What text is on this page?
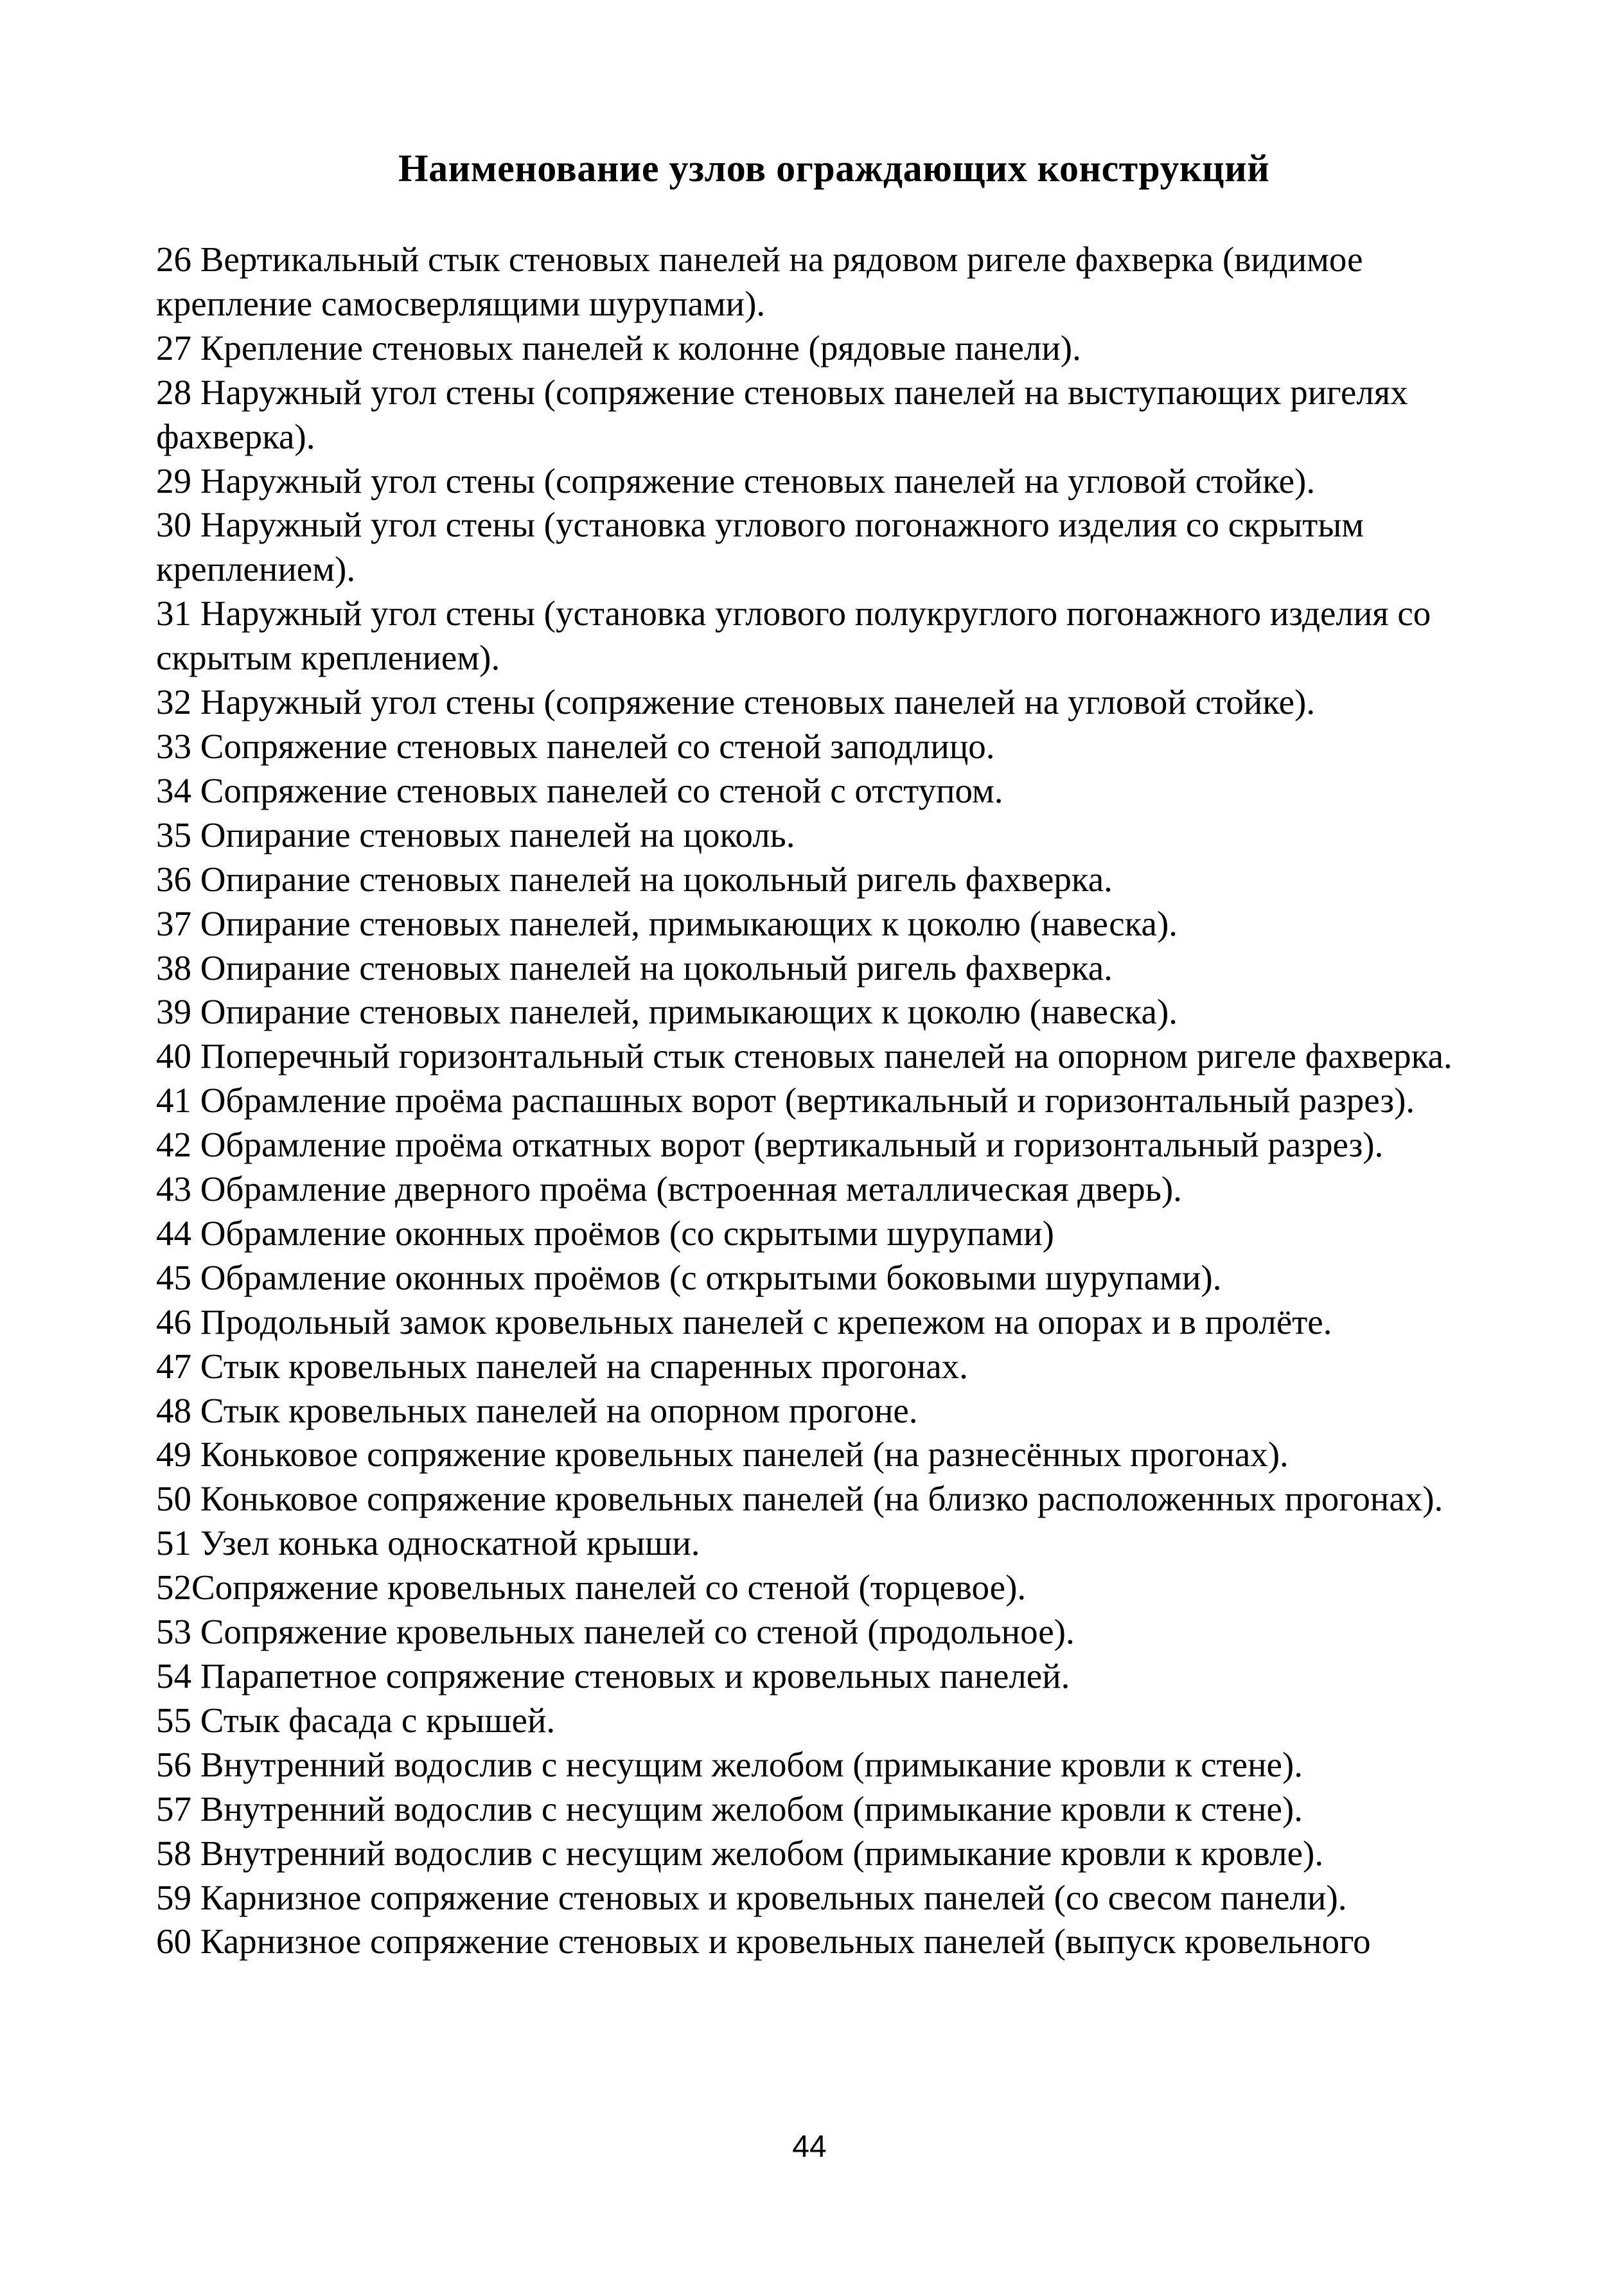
Наименование узлов ограждающих конструкций

26 Вертикальный стык стеновых панелей на рядовом ригеле фахверка (видимое крепление самосверлящими шурупами).

27 Крепление стеновых панелей к колонне (рядовые панели).

28 Наружный угол стены (сопряжение стеновых панелей на выступающих ригелях фахверка).

29 Наружный угол стены (сопряжение стеновых панелей на угловой стойке).

30 Наружный угол стены (установка углового погонажного изделия со скрытым креплением).

31 Наружный угол стены (установка углового полукруглого погонажного изделия со скрытым креплением).

32 Наружный угол стены (сопряжение стеновых панелей на угловой стойке).

33 Сопряжение стеновых панелей со стеной заподлицо.

34 Сопряжение стеновых панелей со стеной с отступом.

35 Опирание стеновых панелей на цоколь.

36 Опирание стеновых панелей на цокольный ригель фахверка.

37 Опирание стеновых панелей, примыкающих к цоколю (навеска).

38 Опирание стеновых панелей на цокольный ригель фахверка.

39 Опирание стеновых панелей, примыкающих к цоколю (навеска).

40 Поперечный горизонтальный стык стеновых панелей на опорном ригеле фахверка.

41 Обрамление проёма распашных ворот (вертикальный и горизонтальный разрез).

42 Обрамление проёма откатных ворот (вертикальный и горизонтальный разрез).

43 Обрамление дверного проёма (встроенная металлическая дверь).

44 Обрамление оконных проёмов (со скрытыми шурупами)

45 Обрамление оконных проёмов (с открытыми боковыми шурупами).

46 Продольный замок кровельных панелей с крепежом на опорах и в пролёте.

47 Стык кровельных панелей на спаренных прогонах.

48 Стык кровельных панелей на опорном прогоне.

49 Коньковое сопряжение кровельных панелей (на разнесённых прогонах).

50 Коньковое сопряжение кровельных панелей (на близко расположенных прогонах).

51 Узел конька односкатной крыши.

52Сопряжение кровельных панелей со стеной (торцевое).

53 Сопряжение кровельных панелей со стеной (продольное).

54 Парапетное сопряжение стеновых и кровельных панелей.

55 Стык фасада с крышей.

56 Внутренний водослив с несущим желобом (примыкание кровли к стене).

57 Внутренний водослив с несущим желобом (примыкание кровли к стене).

58 Внутренний водослив с несущим желобом (примыкание кровли к кровле).

59 Карнизное сопряжение стеновых и кровельных панелей (со свесом панели).

60 Карнизное сопряжение стеновых и кровельных панелей (выпуск кровельного

44
